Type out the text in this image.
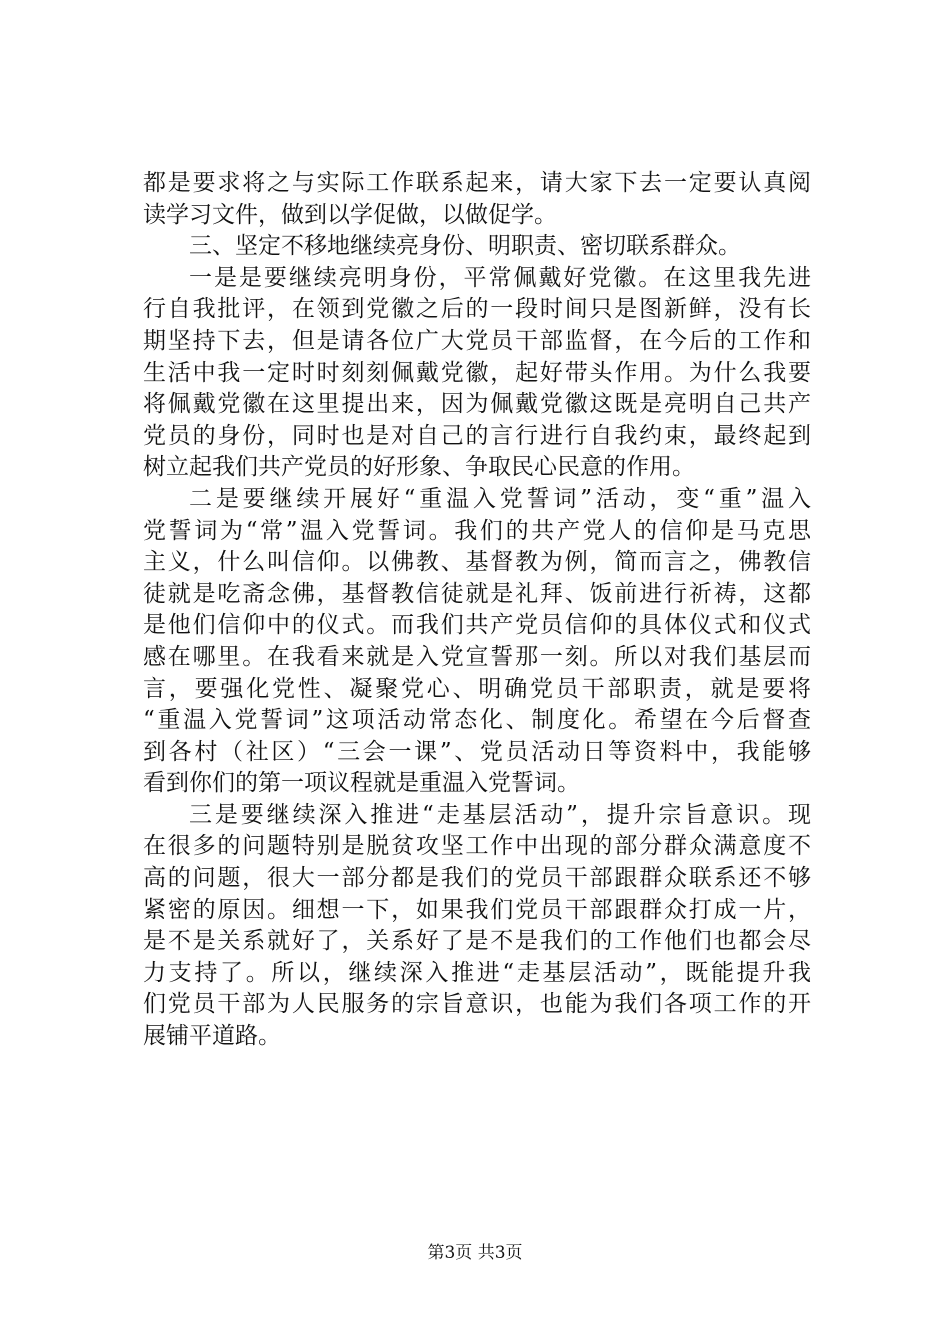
都是要求将之与实际工作联系起来，请大家下去一定要认真阅
读学习文件，做到以学促做，以做促学。
三、坚定不移地继续亮身份、明职责、密切联系群众。
一是是要继续亮明身份，平常佩戴好党徽。在这里我先进
行自我批评，在领到党徽之后的一段时间只是图新鲜，没有长
期坚持下去，但是请各位广大党员干部监督，在今后的工作和
生活中我一定时时刻刻佩戴党徽，起好带头作用。为什么我要
将佩戴党徽在这里提出来，因为佩戴党徽这既是亮明自己共产
党员的身份，同时也是对自己的言行进行自我约束，最终起到
树立起我们共产党员的好形象、争取民心民意的作用。
二是要继续开展好“重温入党誓词”活动，变“重”温入
党誓词为“常”温入党誓词。我们的共产党人的信仰是马克思
主义，什么叫信仰。以佛教、基督教为例，简而言之，佛教信
徒就是吃斋念佛，基督教信徒就是礼拜、饭前进行祈祷，这都
是他们信仰中的仪式。而我们共产党员信仰的具体仪式和仪式
感在哪里。在我看来就是入党宣誓那一刻。所以对我们基层而
言，要强化党性、凝聚党心、明确党员干部职责，就是要将
“重温入党誓词”这项活动常态化、制度化。希望在今后督查
到各村（社区）“三会一课”、党员活动日等资料中，我能够
看到你们的第一项议程就是重温入党誓词。
三是要继续深入推进“走基层活动”，提升宗旨意识。现
在很多的问题特别是脱贫攻坚工作中出现的部分群众满意度不
高的问题，很大一部分都是我们的党员干部跟群众联系还不够
紧密的原因。细想一下，如果我们党员干部跟群众打成一片，
是不是关系就好了，关系好了是不是我们的工作他们也都会尽
力支持了。所以，继续深入推进“走基层活动”，既能提升我
们党员干部为人民服务的宗旨意识，也能为我们各项工作的开
展铺平道路。
第3页 共3页
